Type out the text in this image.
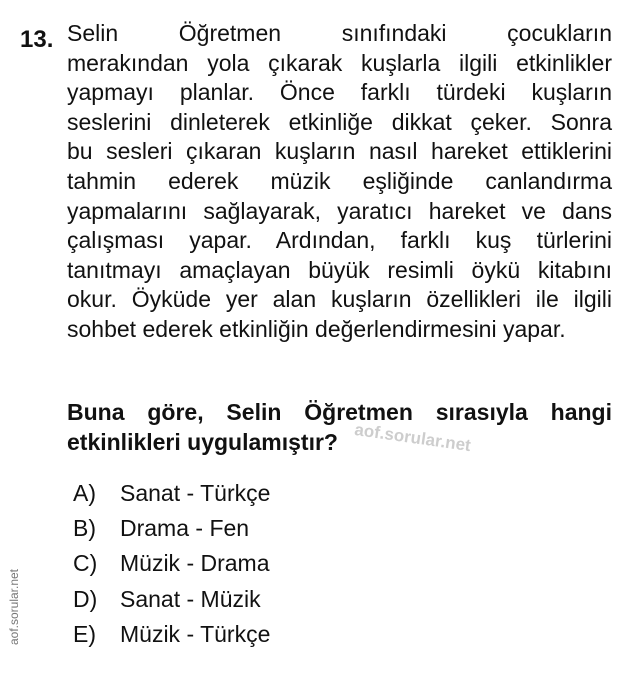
13. Selin Öğretmen sınıfındaki çocukların
merakından yola çıkarak kuşlarla ilgili etkinlikler
yapmayı planlar. Önce farklı türdeki kuşların
seslerini dinleterek etkinliğe dikkat çeker. Sonra
bu sesleri çıkaran kuşların nasıl hareket ettiklerini
tahmin ederek müzik eşliğinde canlandırma
yapmalarını sağlayarak, yaratıcı hareket ve dans
çalışması yapar. Ardından, farklı kuş türlerini
tanıtmayı amaçlayan büyük resimli öykü kitabını
okur. Öyküde yer alan kuşların özellikleri ile ilgili
sohbet ederek etkinliğin değerlendirmesini yapar.
Buna göre, Selin Öğretmen sırasıyla hangi
etkinlikleri uygulamıştır? aof.sorular.net
A) Sanat - Türkçe
B) Drama - Fen
C) Müzik - Drama
D) Sanat - Müzik
E) Müzik - Türkçe
aof.sorular.net
